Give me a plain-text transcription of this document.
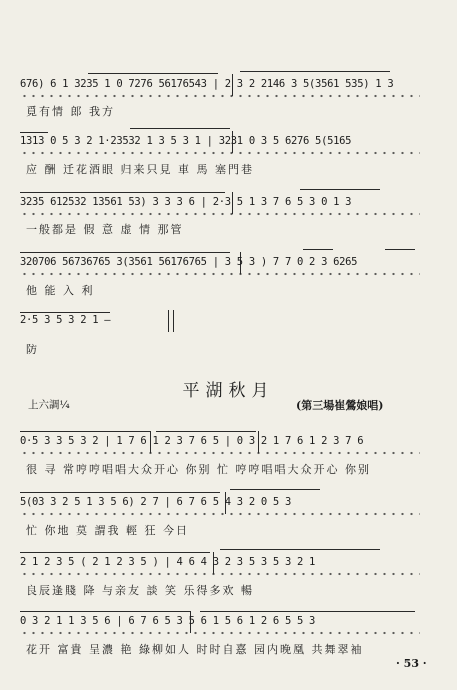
676) 6 1 3235 1 0 7276 56176543 | 2 3 2 2146 3 5(3561 535) 1 3
覓有情 郎 我方
1313 0 5 3 2 1·23532 1 3 5 3 1 | 3231 0 3 5 6276 5(5165
应 酬 迁花酒眼 归来只見 車 馬 塞門巷
3235 612532 13561 53) 3 3 3 6 | 2·3 5 1 3 7 6 5 3 0 1 3
一般都是 假 意 虚 情 那管
320706 56736765 3(3561 56176765 | 3 5 3 ) 7 7 0 2 3 6265
他 能 入 利
2·5 3 5 3 2 1 —
防
平湖秋月
上六調¼	(第三場崔鶯娘唱)
0·5 3 3 5 3 2 | 1 7 6 1 2 3 7 6 5 | 0 3 2 1 7 6 1 2 3 7 6
很 寻 常哼哼唱唱大众开心 你别 忙 哼哼唱唱大众开心 你别
5(03 3 2 5 1 3 5 6) 2 7 | 6 7 6 5 4 3 2 0 5 3
忙 你地 莫 謂我 輕 狂 今日
2 1 2 3 5 ( 2 1 2 3 5 ) | 4 6 4 3 2 3 5 3 5 3 2 1
良辰逢賤 降 与亲友 談 笑 乐得多欢 暢
0 3 2 1 1 3 5 6 | 6 7 6 5 3 5 6 1 5 6 1 2 6 5 5 3
花开 富貴 呈濃 艳 綠柳如人 时时自憙 园内晚凰 共舞翠袖
· 53 ·
